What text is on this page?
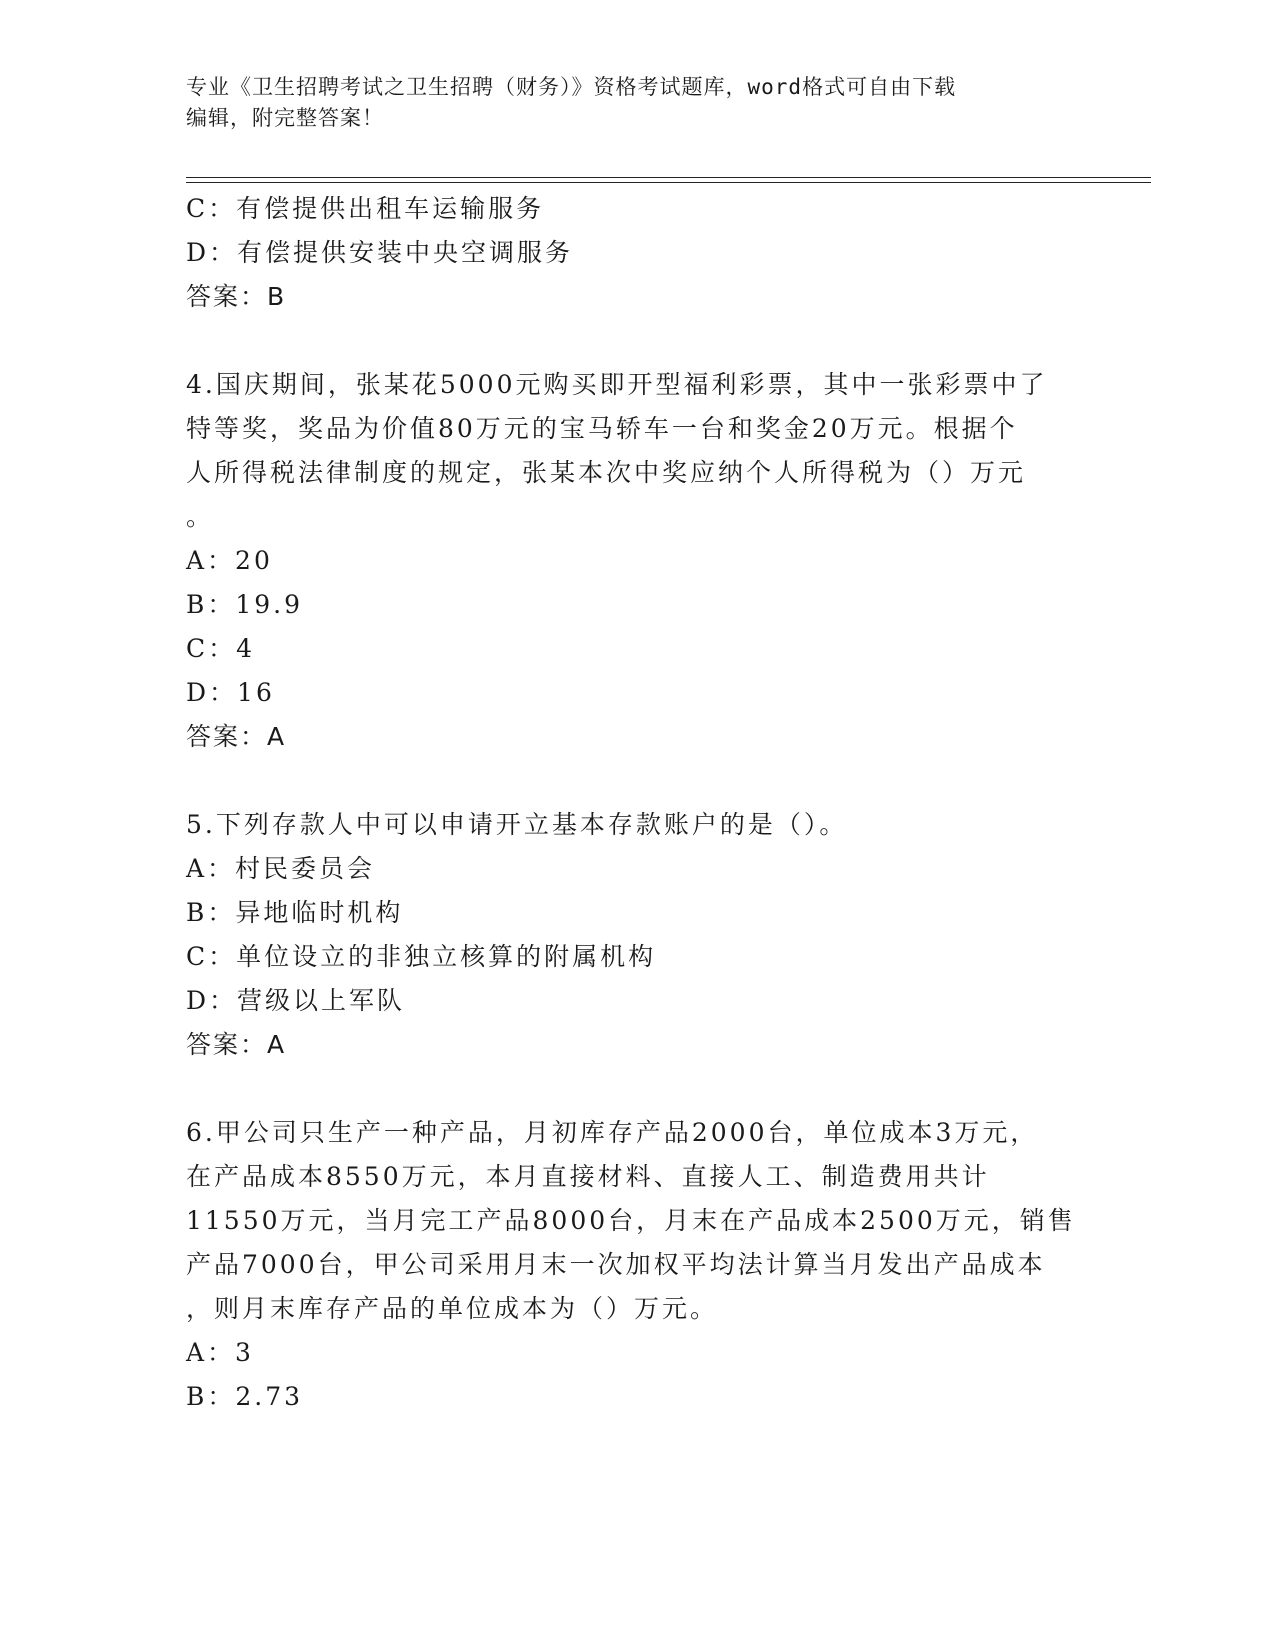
专业《卫生招聘考试之卫生招聘（财务）》资格考试题库，word格式可自由下载
编辑，附完整答案！
C：有偿提供出租车运输服务
D：有偿提供安装中央空调服务
答案：B
4.国庆期间，张某花5000元购买即开型福利彩票，其中一张彩票中了
特等奖，奖品为价值80万元的宝马轿车一台和奖金20万元。根据个
人所得税法律制度的规定，张某本次中奖应纳个人所得税为（）万元
。
A：20
B：19.9
C：4
D：16
答案：A
5.下列存款人中可以申请开立基本存款账户的是（）。
A：村民委员会
B：异地临时机构
C：单位设立的非独立核算的附属机构
D：营级以上军队
答案：A
6.甲公司只生产一种产品，月初库存产品2000台，单位成本3万元，
在产品成本8550万元，本月直接材料、直接人工、制造费用共计
11550万元，当月完工产品8000台，月末在产品成本2500万元，销售
产品7000台，甲公司采用月末一次加权平均法计算当月发出产品成本
，则月末库存产品的单位成本为（）万元。
A：3
B：2.73
